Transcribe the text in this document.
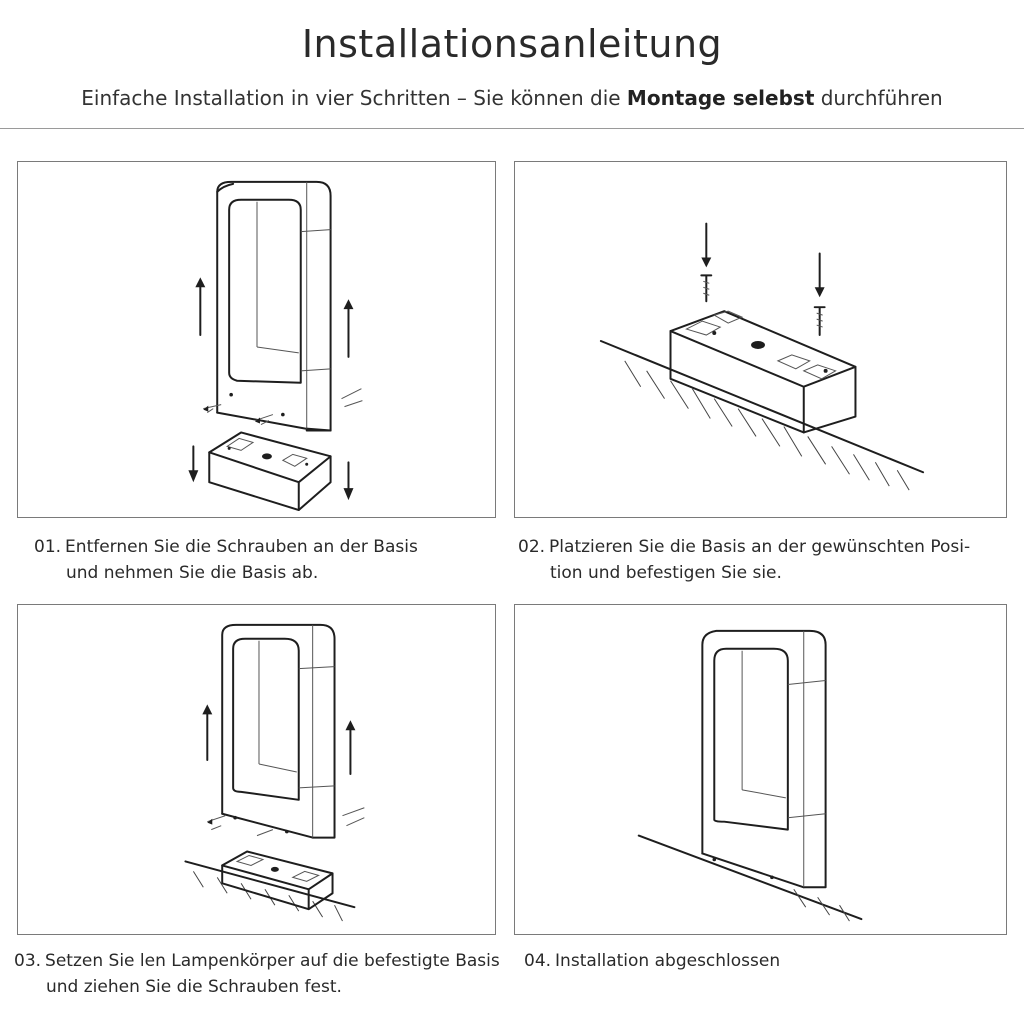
Installationsanleitung
Einfache Installation in vier Schritten – Sie können die Montage selebst durchführen
01. Entfernen Sie die Schrauben an der Basis
und nehmen Sie die Basis ab.
02. Platzieren Sie die Basis an der gewünschten Posi-
tion und befestigen Sie sie.
03. Setzen Sie len Lampenkörper auf die befestigte Basis
und ziehen Sie die Schrauben fest.
04. Installation abgeschlossen
